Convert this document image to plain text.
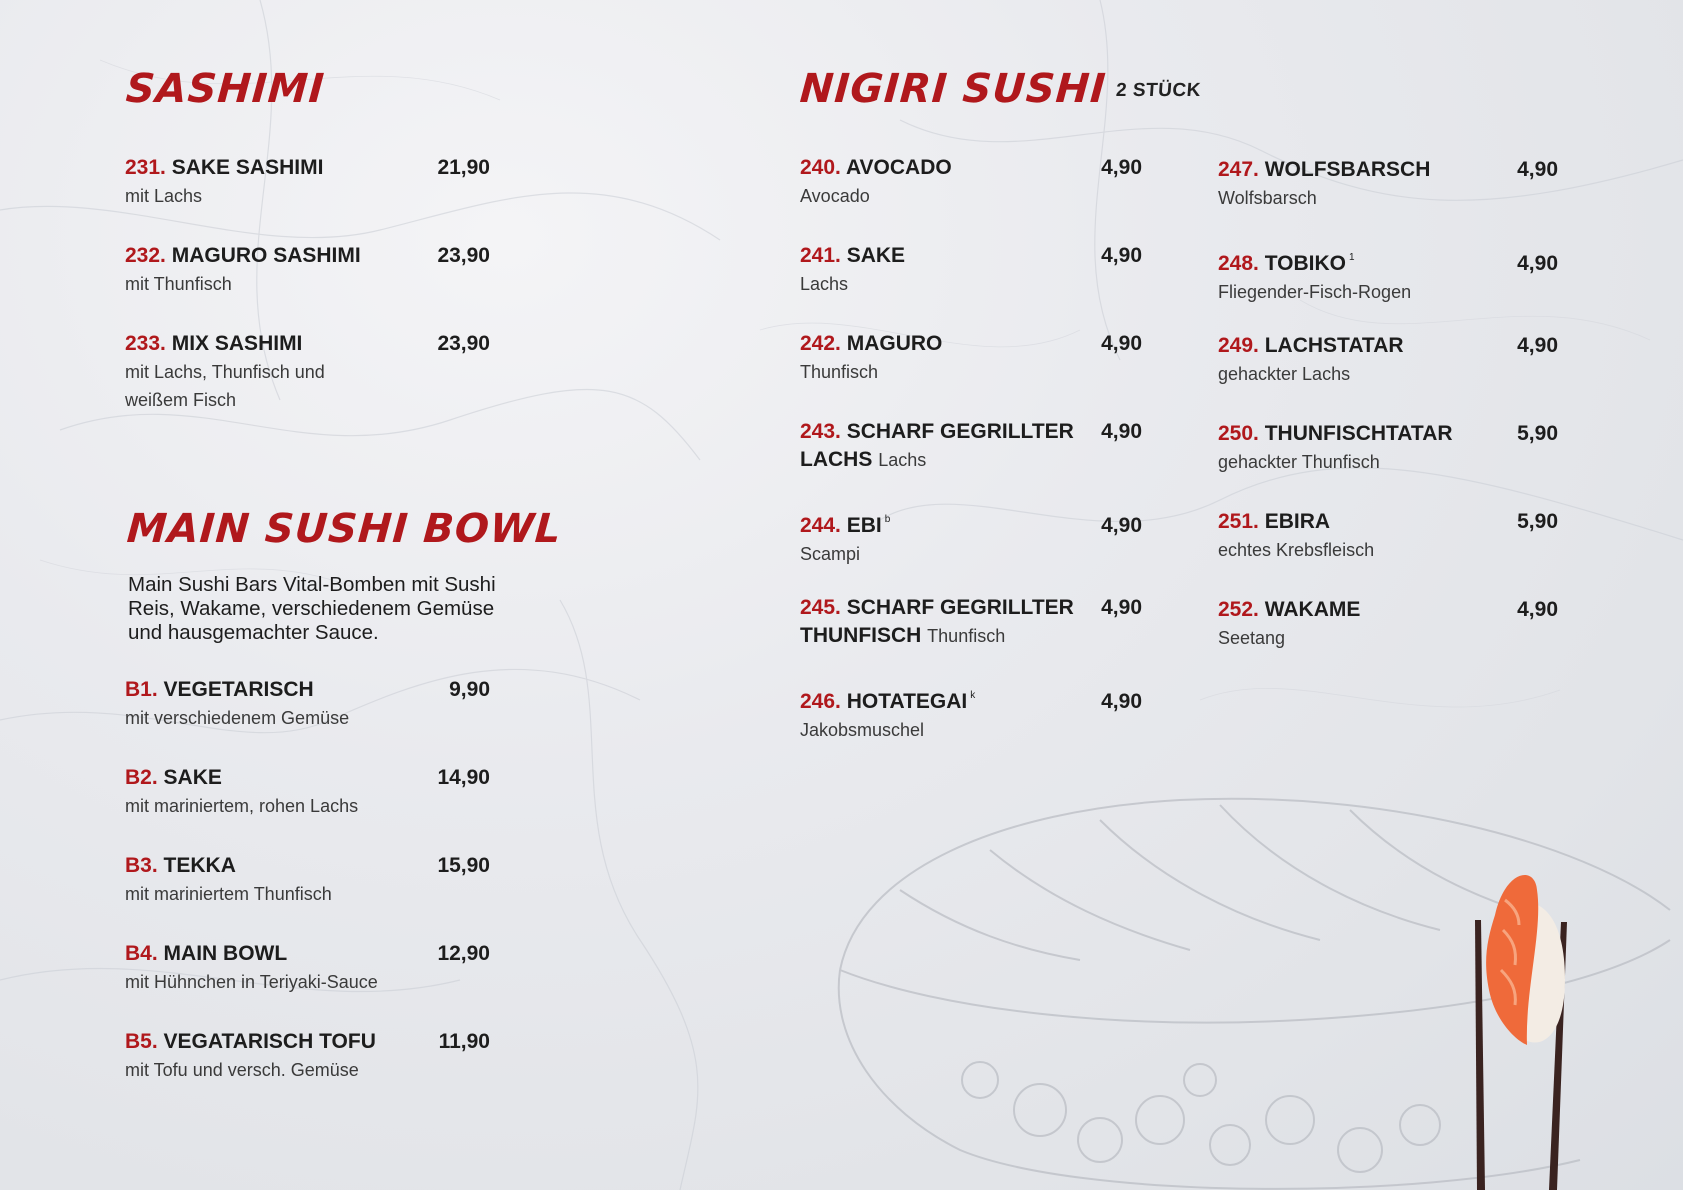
SASHIMI
231. SAKE SASHIMI	21,90
mit Lachs
232. MAGURO SASHIMI	23,90
mit Thunfisch
233. MIX SASHIMI	23,90
mit Lachs, Thunfisch und
weißem Fisch
MAIN SUSHI BOWL

Main Sushi Bars Vital-Bomben mit Sushi Reis, Wakame, verschiedenem Gemüse und hausgemachter Sauce.

B1. VEGETARISCH	9,90
mit verschiedenem Gemüse
B2. SAKE	14,90
mit mariniertem, rohen Lachs
B3. TEKKA	15,90
mit mariniertem Thunfisch
B4. MAIN BOWL	12,90
mit Hühnchen in Teriyaki-Sauce
B5. VEGATARISCH TOFU	11,90
mit Tofu und versch. Gemüse
NIGIRI SUSHI 2 STÜCK
240. AVOCADO	4,90
Avocado
241. SAKE	4,90
Lachs
242. MAGURO	4,90
Thunfisch
243. SCHARF GEGRILLTER 4,90
LACHS Lachs
244. EBI $^b$	4,90
Scampi
245. SCHARF GEGRILLTER 4,90
THUNFISCH Thunfisch
246. HOTATEGAI $^k$	4,90
Jakobsmuschel
247. WOLFSBARSCH	4,90
Wolfsbarsch
248. TOBIKO $^1$	4,90
Fliegender-Fisch-Rogen
249. LACHSTATAR	4,90
gehackter Lachs
250. THUNFISCHTATAR	5,90
gehackter Thunfisch
251. EBIRA	5,90
echtes Krebsfleisch
252. WAKAME	4,90
Seetang
